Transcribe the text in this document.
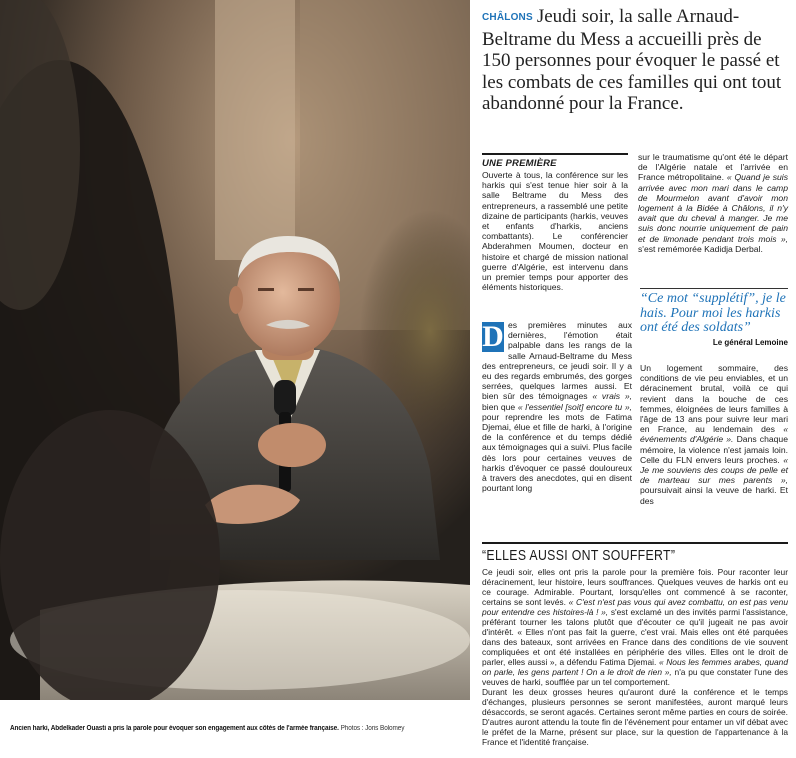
Ancien harki, Abdelkader Ouasti a pris la parole pour évoquer son engagement aux côtés de l'armée française. Photos : Joris Bolomey
CHÂLONS Jeudi soir, la salle Arnaud-Beltrame du Mess a accueilli près de 150 personnes pour évoquer le passé et les combats de ces familles qui ont tout abandonné pour la France.
UNE PREMIÈRE

Ouverte à tous, la conférence sur les harkis qui s'est tenue hier soir à la salle Beltrame du Mess des entrepreneurs, a rassemblé une petite dizaine de participants (harkis, veuves et enfants d'harkis, anciens combattants). Le conférencier Abderahmen Moumen, docteur en histoire et chargé de mission national guerre d'Algérie, est intervenu dans un premier temps pour apporter des éléments historiques.

sur le traumatisme qu'ont été le départ de l'Algérie natale et l'arrivée en France métropolitaine. « Quand je suis arrivée avec mon mari dans le camp de Mourmelon avant d'avoir mon logement à la Bidée à Châlons, il n'y avait que du cheval à manger. Je me suis donc nourrie uniquement de pain et de limonade pendant trois mois », s'est remémorée Kadidja Derbal.

“Ce mot “supplétif”, je le hais. Pour moi les harkis ont été des soldats”
Le général Lemoine
D es premières minutes aux dernières, l'émotion était palpable dans les rangs de la salle Arnaud-Beltrame du Mess des entrepreneurs, ce jeudi soir. Il y a eu des regards embrumés, des gorges serrées, quelques larmes aussi. Et bien sûr des témoignages « vrais », bien que « l'essentiel [soit] encore tu », pour reprendre les mots de Fatima Djemai, élue et fille de harki, à l'origine de la conférence et du temps dédié aux témoignages qui a suivi. Plus facile dès lors pour certaines veuves de harkis d'évoquer ce passé douloureux à travers des anecdotes, qui en disent pourtant long

Un logement sommaire, des conditions de vie peu enviables, et un déracinement brutal, voilà ce qui revient dans la bouche de ces femmes, éloignées de leurs familles à l'âge de 13 ans pour suivre leur mari en France, au lendemain des « événements d'Algérie ». Dans chaque mémoire, la violence n'est jamais loin. Celle du FLN envers leurs proches. « Je me souviens des coups de pelle et de marteau sur mes parents », poursuivait ainsi la veuve de harki. Et des

“ELLES AUSSI ONT SOUFFERT”

Ce jeudi soir, elles ont pris la parole pour la première fois. Pour raconter leur déracinement, leur histoire, leurs souffrances. Quelques veuves de harkis ont eu ce courage. Admirable. Pourtant, lorsqu'elles ont commencé à se raconter, certains se sont levés. « C'est n'est pas vous qui avez combattu, on est pas venu pour entendre ces histoires-là ! », s'est exclamé un des invités parmi l'assistance, préférant tourner les talons plutôt que d'écouter ce qu'il jugeait ne pas avoir d'intérêt. « Elles n'ont pas fait la guerre, c'est vrai. Mais elles ont été parquées dans des bateaux, sont arrivées en France dans des conditions de vie souvent compliquées et ont été installées en périphérie des villes. Elles ont le droit de parler, elles aussi », a défendu Fatima Djemai. « Nous les femmes arabes, quand on parle, les gens partent ! On a le droit de rien », n'a pu que constater l'une des veuves de harki, soufflée par un tel comportement.

Durant les deux grosses heures qu'auront duré la conférence et le temps d'échanges, plusieurs personnes se seront manifestées, auront marqué leurs désaccords, se seront agacés. Certaines seront même parties en cours de soirée. D'autres auront attendu la toute fin de l'événement pour entamer un vif débat avec le préfet de la Marne, présent sur place, sur la question de l'appartenance à la France et l'identité française.
